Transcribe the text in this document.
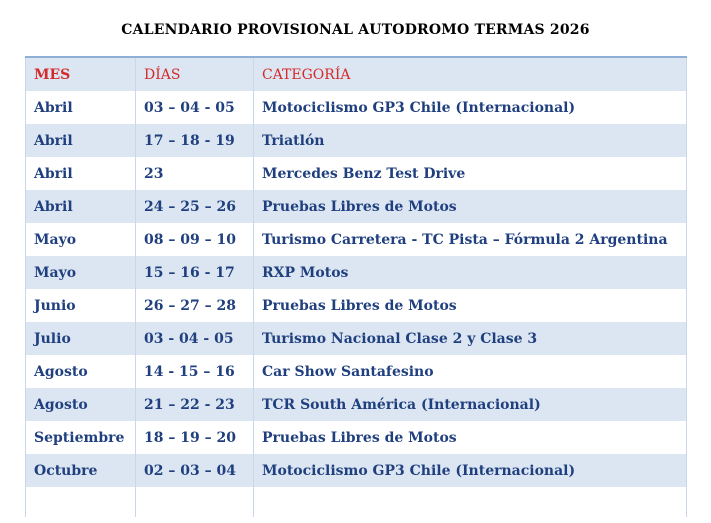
CALENDARIO PROVISIONAL AUTODROMO TERMAS 2026
MES	DÍAS	CATEGORÍA
Abril	03 – 04 - 05	Motociclismo GP3 Chile (Internacional)
Abril	17 – 18 - 19	Triatlón
Abril	23	Mercedes Benz Test Drive
Abril	24 – 25 – 26	Pruebas Libres de Motos
Mayo	08 – 09 – 10	Turismo Carretera - TC Pista – Fórmula 2 Argentina
Mayo	15 – 16 - 17	RXP Motos
Junio	26 – 27 – 28	Pruebas Libres de Motos
Julio	03 - 04 - 05	Turismo Nacional Clase 2 y Clase 3
Agosto	14 - 15 – 16	Car Show Santafesino
Agosto	21 – 22 - 23	TCR South América (Internacional)
Septiembre	18 – 19 – 20	Pruebas Libres de Motos
Octubre	02 – 03 – 04	Motociclismo GP3 Chile (Internacional)
